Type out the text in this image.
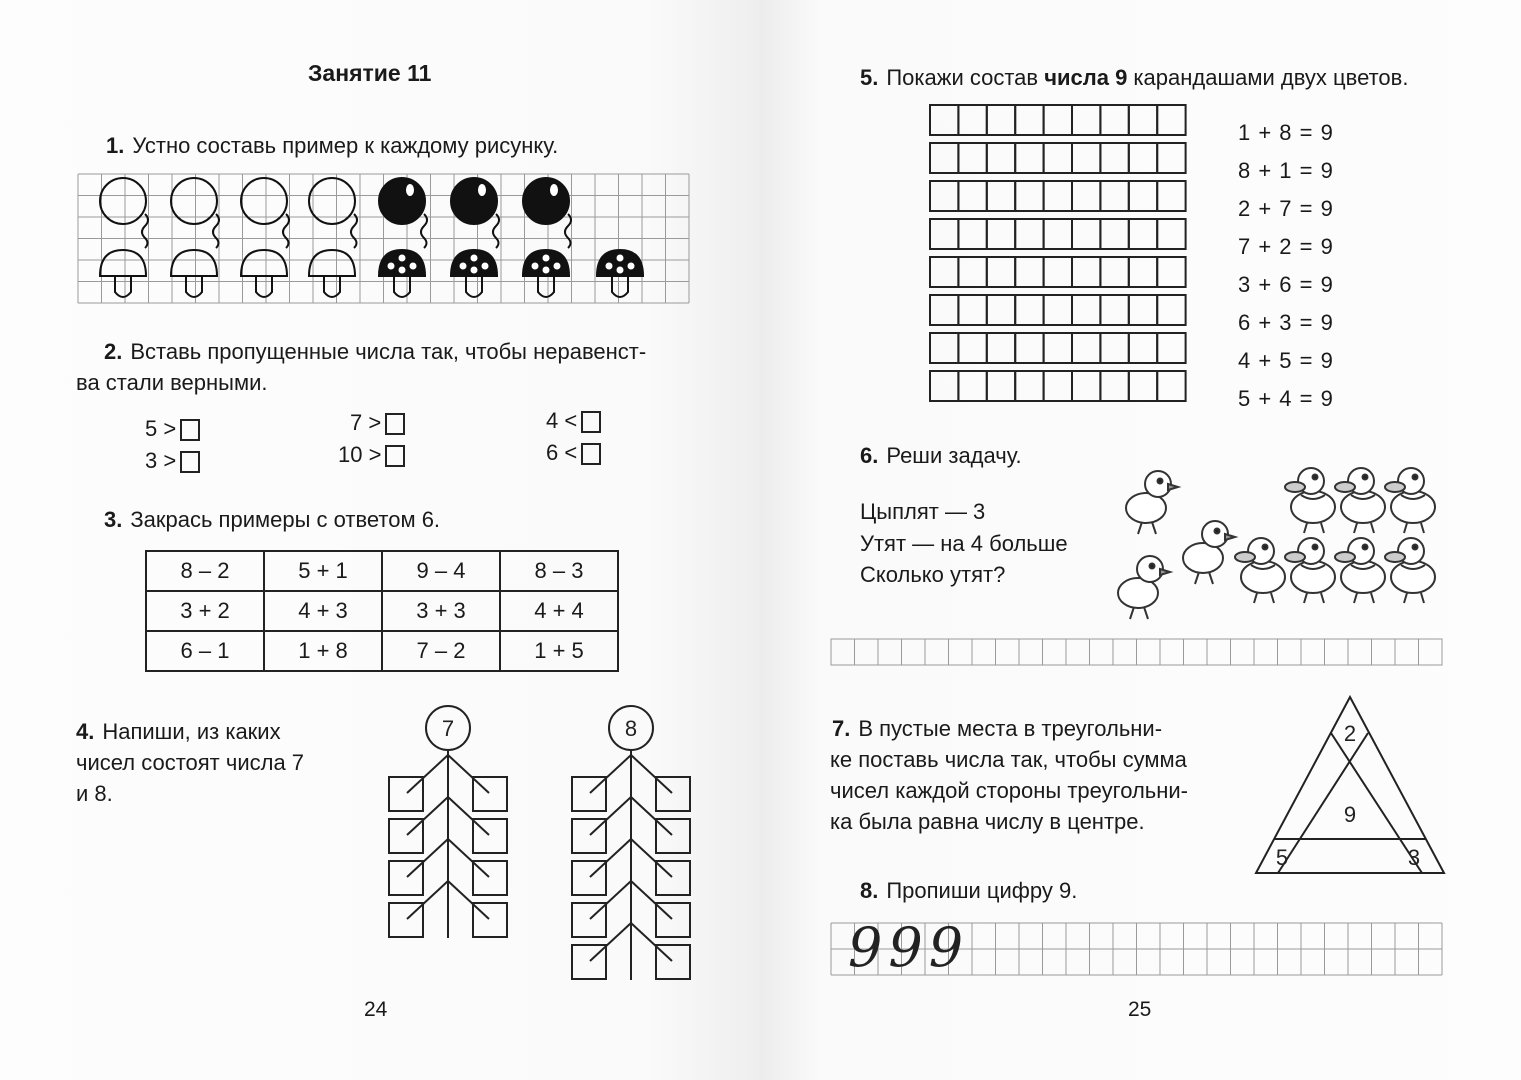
Занятие 11
1. Устно составь пример к каждому рисунку.
2. Вставь пропущенные числа так, чтобы неравенст-
ва стали верными.
5 >
3 >
7 >
10 >
4 <
6 <
3. Закрась примеры с ответом 6.
8 – 2	5 + 1	9 – 4	8 – 3
3 + 2	4 + 3	3 + 3	4 + 4
6 – 1	1 + 8	7 – 2	1 + 5
4. Напиши, из каких
чисел состоят числа 7
и 8.
7	8
24
5. Покажи состав числа 9 карандашами двух цветов.
1 + 8 = 9
8 + 1 = 9
2 + 7 = 9
7 + 2 = 9
3 + 6 = 9
6 + 3 = 9
4 + 5 = 9
5 + 4 = 9
6. Реши задачу.
Цыплят — 3
Утят — на 4 больше
Сколько утят?
7. В пустые места в треугольни-
ке поставь числа так, чтобы сумма
чисел каждой стороны треугольни-
ка была равна числу в центре.
2
9
5	3
8. Пропиши цифру 9.
999
25
